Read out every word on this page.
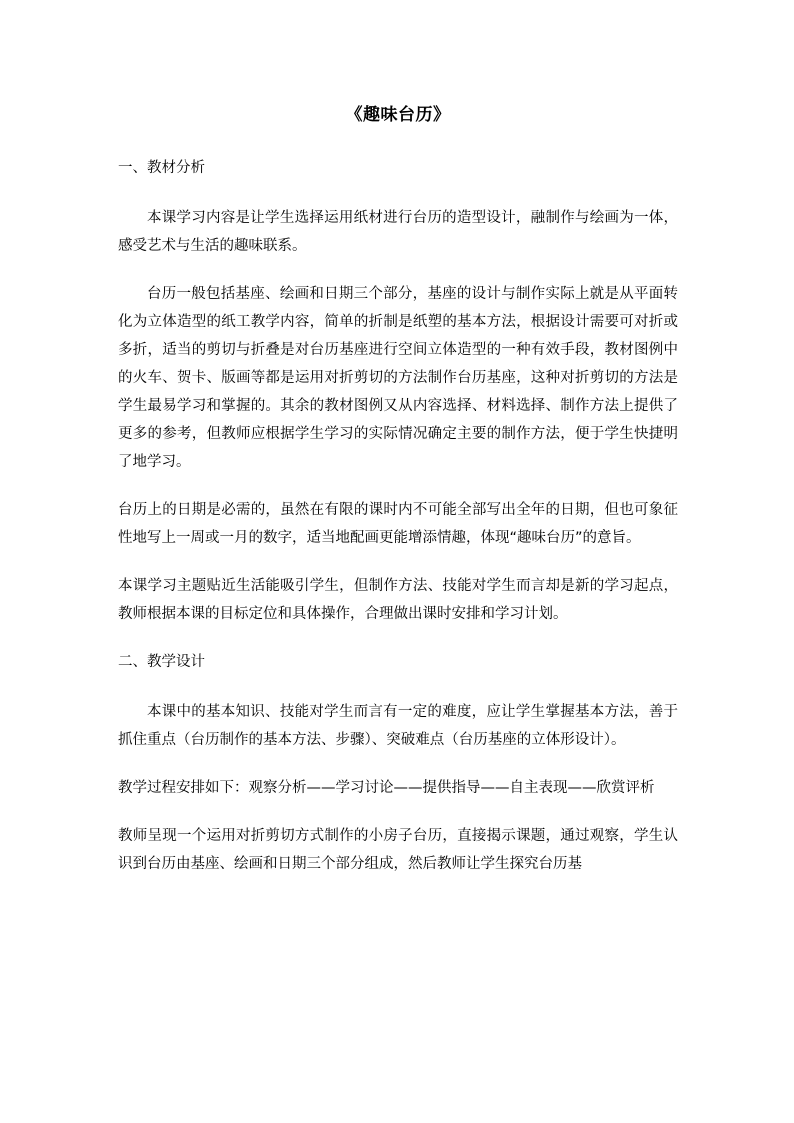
《趣味台历》
一、教材分析

本课学习内容是让学生选择运用纸材进行台历的造型设计，融制作与绘画为一体，感受艺术与生活的趣味联系。

台历一般包括基座、绘画和日期三个部分，基座的设计与制作实际上就是从平面转化为立体造型的纸工教学内容，简单的折制是纸塑的基本方法，根据设计需要可对折或多折，适当的剪切与折叠是对台历基座进行空间立体造型的一种有效手段，教材图例中的火车、贺卡、版画等都是运用对折剪切的方法制作台历基座，这种对折剪切的方法是学生最易学习和掌握的。其余的教材图例又从内容选择、材料选择、制作方法上提供了更多的参考，但教师应根据学生学习的实际情况确定主要的制作方法，便于学生快捷明了地学习。

台历上的日期是必需的，虽然在有限的课时内不可能全部写出全年的日期，但也可象征性地写上一周或一月的数字，适当地配画更能增添情趣，体现“趣味台历”的意旨。

本课学习主题贴近生活能吸引学生，但制作方法、技能对学生而言却是新的学习起点，教师根据本课的目标定位和具体操作，合理做出课时安排和学习计划。

二、教学设计

本课中的基本知识、技能对学生而言有一定的难度，应让学生掌握基本方法，善于抓住重点（台历制作的基本方法、步骤）、突破难点（台历基座的立体形设计）。

教学过程安排如下：观察分析——学习讨论——提供指导——自主表现——欣赏评析

教师呈现一个运用对折剪切方式制作的小房子台历，直接揭示课题，通过观察，学生认识到台历由基座、绘画和日期三个部分组成，然后教师让学生探究台历基
